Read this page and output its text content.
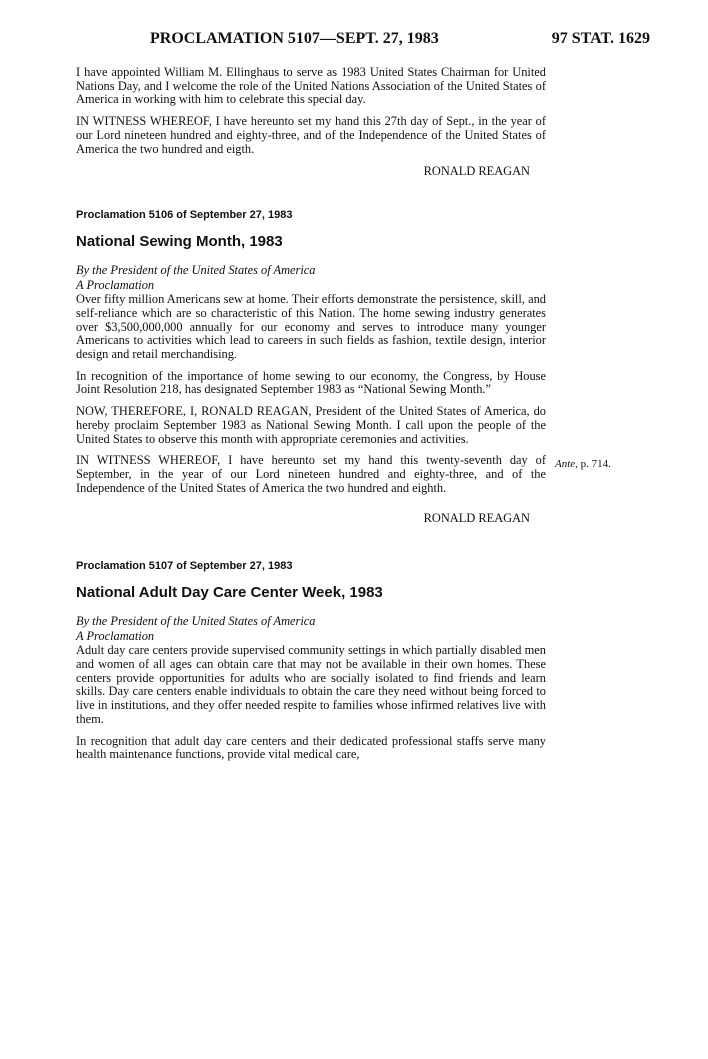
PROCLAMATION 5107—SEPT. 27, 1983	97 STAT. 1629

I have appointed William M. Ellinghaus to serve as 1983 United States Chairman for United Nations Day, and I welcome the role of the United Nations Association of the United States of America in working with him to celebrate this special day.

IN WITNESS WHEREOF, I have hereunto set my hand this 27th day of Sept., in the year of our Lord nineteen hundred and eighty-three, and of the Independence of the United States of America the two hundred and eigth.

RONALD REAGAN
Proclamation 5106 of September 27, 1983
National Sewing Month, 1983
By the President of the United States of America
A Proclamation

Over fifty million Americans sew at home. Their efforts demonstrate the persistence, skill, and self-reliance which are so characteristic of this Nation. The home sewing industry generates over $3,500,000,000 annually for our economy and serves to introduce many younger Americans to activities which lead to careers in such fields as fashion, textile design, interior design and retail merchandising.

In recognition of the importance of home sewing to our economy, the Congress, by House Joint Resolution 218, has designated September 1983 as “National Sewing Month.”

NOW, THEREFORE, I, RONALD REAGAN, President of the United States of America, do hereby proclaim September 1983 as National Sewing Month. I call upon the people of the United States to observe this month with appropriate ceremonies and activities.

IN WITNESS WHEREOF, I have hereunto set my hand this twenty-seventh day of September, in the year of our Lord nineteen hundred and eighty-three, and of the Independence of the United States of America the two hundred and eighth.

RONALD REAGAN
Proclamation 5107 of September 27, 1983
National Adult Day Care Center Week, 1983
By the President of the United States of America
A Proclamation

Adult day care centers provide supervised community settings in which partially disabled men and women of all ages can obtain care that may not be available in their own homes. These centers provide opportunities for adults who are socially isolated to find friends and learn skills. Day care centers enable individuals to obtain the care they need without being forced to live in institutions, and they offer needed respite to families whose infirmed relatives live with them.

In recognition that adult day care centers and their dedicated professional staffs serve many health maintenance functions, provide vital medical care,

Ante, p. 714.
